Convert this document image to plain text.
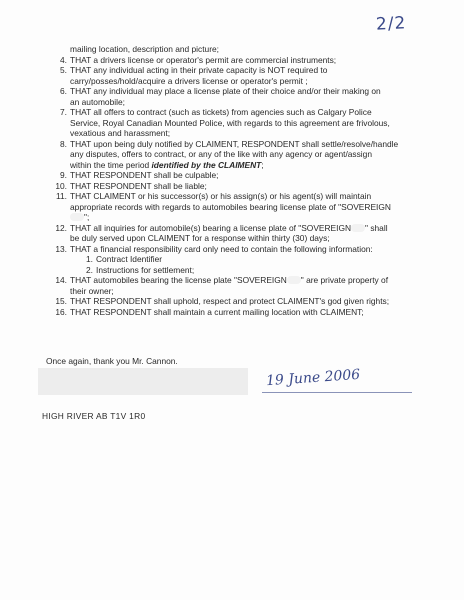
2/2
mailing location, description and picture;
4. THAT a drivers license or operator's permit are commercial instruments;
5. THAT any individual acting in their private capacity is NOT required to
carry/posses/hold/acquire a drivers license or operator's permit ;
6. THAT any individual may place a license plate of their choice and/or their making on
an automobile;
7. THAT all offers to contract (such as tickets) from agencies such as Calgary Police
Service, Royal Canadian Mounted Police, with regards to this agreement are frivolous,
vexatious and harassment;
8. THAT upon being duly notified by CLAIMENT, RESPONDENT shall settle/resolve/handle
any disputes, offers to contract, or any of the like with any agency or agent/assign
within the time period identified by the CLAIMENT;
9. THAT RESPONDENT shall be culpable;
10. THAT RESPONDENT shall be liable;
11. THAT CLAIMENT or his successor(s) or his assign(s) or his agent(s) will maintain
appropriate records with regards to automobiles bearing license plate of "SOVEREIGN
";
12. THAT all inquiries for automobile(s) bearing a license plate of "SOVEREIGN " shall
be duly served upon CLAIMENT for a response within thirty (30) days;
13. THAT a financial responsibility card only need to contain the following information:
1. Contract Identifier
2. Instructions for settlement;
14. THAT automobiles bearing the license plate "SOVEREIGN " are private property of
their owner;
15. THAT RESPONDENT shall uphold, respect and protect CLAIMENT's god given rights;
16. THAT RESPONDENT shall maintain a current mailing location with CLAIMENT;
Once again, thank you Mr. Cannon.
19 June 2006
HIGH RIVER AB T1V 1R0
